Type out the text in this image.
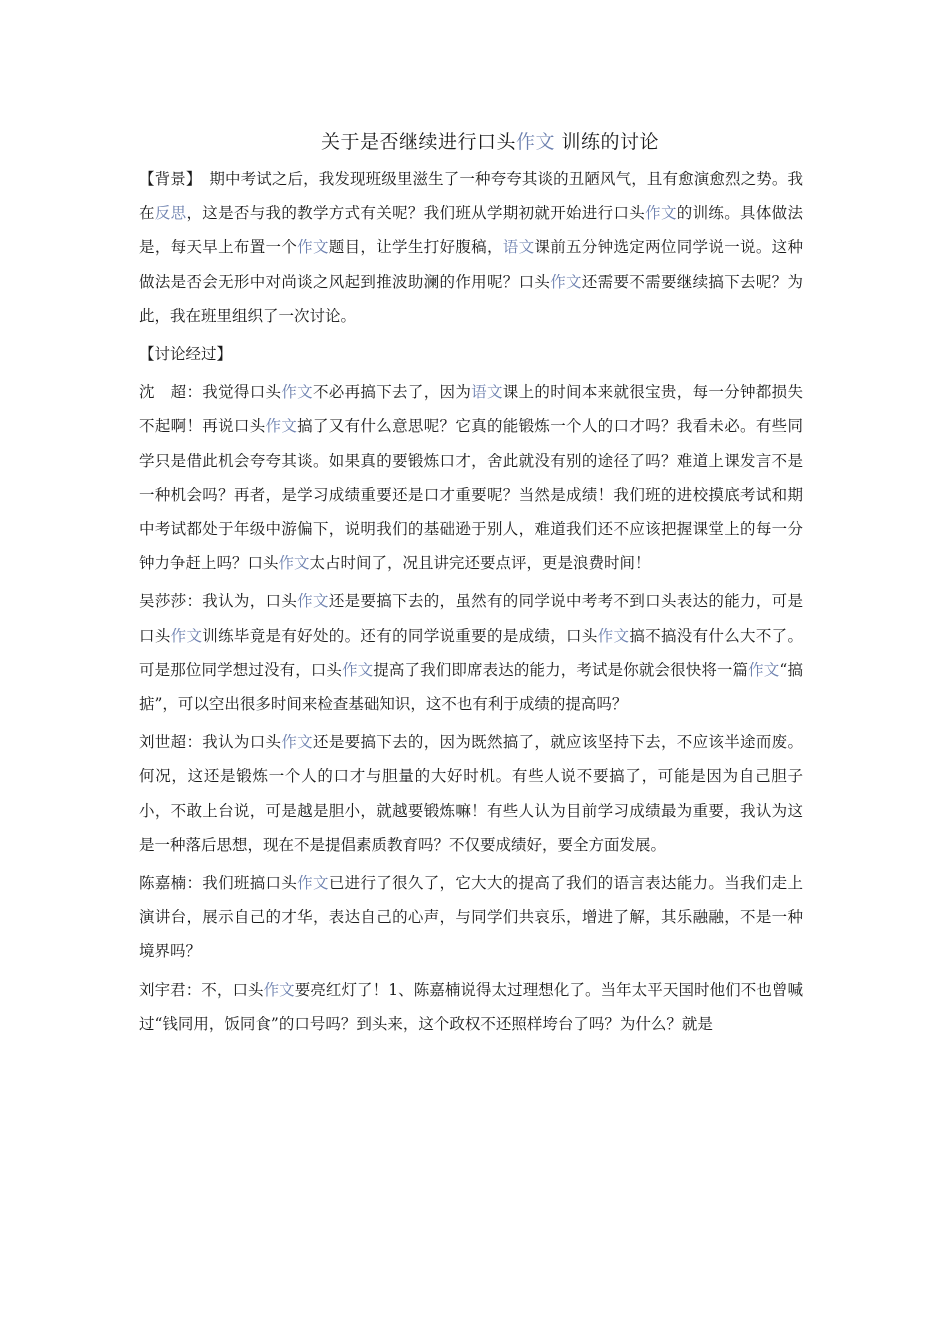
关于是否继续进行口头作文 训练的讨论

【背景】　期中考试之后，我发现班级里滋生了一种夸夸其谈的丑陋风气，且有愈演愈烈之势。我在反思，这是否与我的教学方式有关呢？我们班从学期初就开始进行口头作文的训练。具体做法是，每天早上布置一个作文题目，让学生打好腹稿，语文课前五分钟选定两位同学说一说。这种做法是否会无形中对尚谈之风起到推波助澜的作用呢？口头作文还需要不需要继续搞下去呢？为此，我在班里组织了一次讨论。

【讨论经过】

沈　超：我觉得口头作文不必再搞下去了，因为语文课上的时间本来就很宝贵，每一分钟都损失不起啊！再说口头作文搞了又有什么意思呢？它真的能锻炼一个人的口才吗？我看未必。有些同学只是借此机会夸夸其谈。如果真的要锻炼口才，舍此就没有别的途径了吗？难道上课发言不是一种机会吗？再者，是学习成绩重要还是口才重要呢？当然是成绩！我们班的进校摸底考试和期中考试都处于年级中游偏下，说明我们的基础逊于别人，难道我们还不应该把握课堂上的每一分钟力争赶上吗？口头作文太占时间了，况且讲完还要点评，更是浪费时间！

吴莎莎：我认为，口头作文还是要搞下去的，虽然有的同学说中考考不到口头表达的能力，可是口头作文训练毕竟是有好处的。还有的同学说重要的是成绩，口头作文搞不搞没有什么大不了。可是那位同学想过没有，口头作文提高了我们即席表达的能力，考试是你就会很快将一篇作文“搞掂”，可以空出很多时间来检查基础知识，这不也有利于成绩的提高吗？

刘世超：我认为口头作文还是要搞下去的，因为既然搞了，就应该坚持下去，不应该半途而废。何况，这还是锻炼一个人的口才与胆量的大好时机。有些人说不要搞了，可能是因为自己胆子小，不敢上台说，可是越是胆小，就越要锻炼嘛！有些人认为目前学习成绩最为重要，我认为这是一种落后思想，现在不是提倡素质教育吗？不仅要成绩好，要全方面发展。

陈嘉楠：我们班搞口头作文已进行了很久了，它大大的提高了我们的语言表达能力。当我们走上演讲台，展示自己的才华，表达自己的心声，与同学们共哀乐，增进了解，其乐融融，不是一种境界吗？

刘宇君：不，口头作文要亮红灯了！1、陈嘉楠说得太过理想化了。当年太平天国时他们不也曾喊过“钱同用，饭同食”的口号吗？到头来，这个政权不还照样垮台了吗？为什么？就是
